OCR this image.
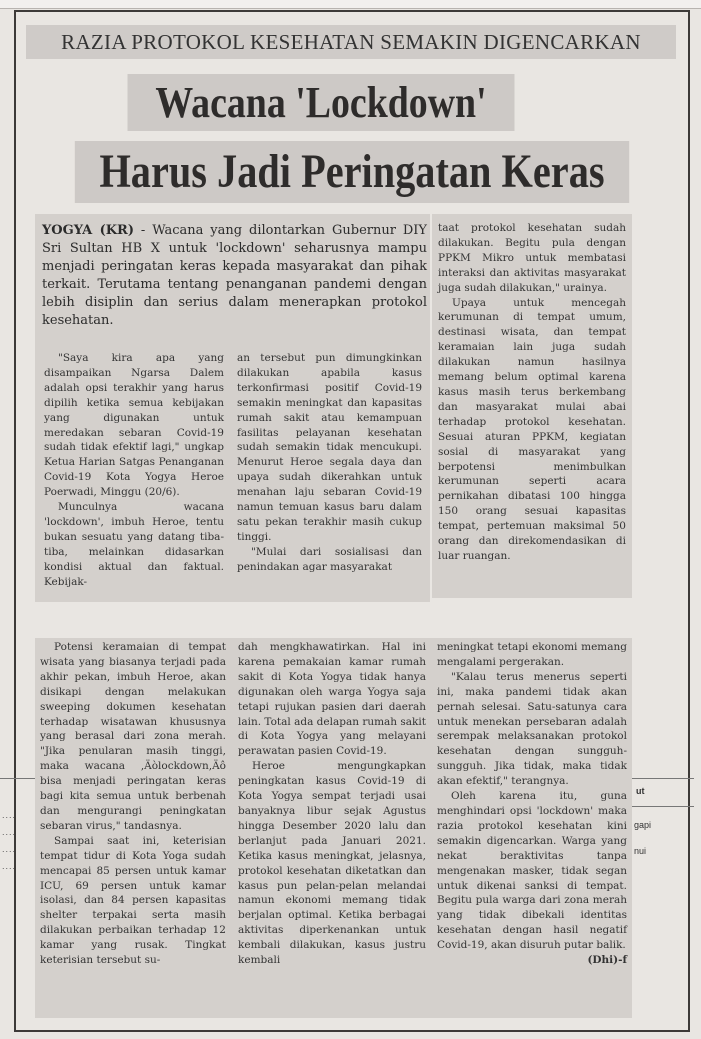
RAZIA PROTOKOL KESEHATAN SEMAKIN DIGENCARKAN
Wacana 'Lockdown'
Harus Jadi Peringatan Keras
YOGYA (KR) - Wacana yang dilontarkan Gubernur DIY Sri Sultan HB X untuk 'lockdown' seharusnya mampu menjadi peringatan keras kepada masyarakat dan pihak terkait. Terutama tentang penanganan pandemi dengan lebih disiplin dan serius dalam menerapkan protokol kesehatan.

"Saya kira apa yang disampaikan Ngarsa Dalem adalah opsi terakhir yang harus dipilih ketika semua kebijakan yang digunakan untuk meredakan sebaran Covid-19 sudah tidak efektif lagi," ungkap Ketua Harian Satgas Penanganan Covid-19 Kota Yogya Heroe Poerwadi, Minggu (20/6).

Munculnya wacana 'lockdown', imbuh Heroe, tentu bukan sesuatu yang datang tiba-tiba, melainkan didasarkan kondisi aktual dan faktual. Kebijak-

an tersebut pun dimungkinkan dilakukan apabila kasus terkonfirmasi positif Covid-19 semakin meningkat dan kapasitas rumah sakit atau kemampuan fasilitas pelayanan kesehatan sudah semakin tidak mencukupi. Menurut Heroe segala daya dan upaya sudah dikerahkan untuk menahan laju sebaran Covid-19 namun temuan kasus baru dalam satu pekan terakhir masih cukup tinggi.

"Mulai dari sosialisasi dan penindakan agar masyarakat

taat protokol kesehatan sudah dilakukan. Begitu pula dengan PPKM Mikro untuk membatasi interaksi dan aktivitas masyarakat juga sudah dilakukan," urainya.

Upaya untuk mencegah kerumunan di tempat umum, destinasi wisata, dan tempat keramaian lain juga sudah dilakukan namun hasilnya memang belum optimal karena kasus masih terus berkembang dan masyarakat mulai abai terhadap protokol kesehatan. Sesuai aturan PPKM, kegiatan sosial di masyarakat yang berpotensi menimbulkan kerumunan seperti acara pernikahan dibatasi 100 hingga 150 orang sesuai kapasitas tempat, pertemuan maksimal 50 orang dan direkomendasikan di luar ruangan.

Potensi keramaian di tempat wisata yang biasanya terjadi pada akhir pekan, imbuh Heroe, akan disikapi dengan melakukan sweeping dokumen kesehatan terhadap wisatawan khususnya yang berasal dari zona merah. "Jika penularan masih tinggi, maka wacana ‚Äòlockdown,Äô bisa menjadi peringatan keras bagi kita semua untuk berbenah dan mengurangi peningkatan sebaran virus," tandasnya.

Sampai saat ini, keterisian tempat tidur di Kota Yoga sudah mencapai 85 persen untuk kamar ICU, 69 persen untuk kamar isolasi, dan 84 persen kapasitas shelter terpakai serta masih dilakukan perbaikan terhadap 12 kamar yang rusak. Tingkat keterisian tersebut su-

dah mengkhawatirkan. Hal ini karena pemakaian kamar rumah sakit di Kota Yogya tidak hanya digunakan oleh warga Yogya saja tetapi rujukan pasien dari daerah lain. Total ada delapan rumah sakit di Kota Yogya yang melayani perawatan pasien Covid-19.

Heroe mengungkapkan peningkatan kasus Covid-19 di Kota Yogya sempat terjadi usai banyaknya libur sejak Agustus hingga Desember 2020 lalu dan berlanjut pada Januari 2021. Ketika kasus meningkat, jelasnya, protokol kesehatan diketatkan dan kasus pun pelan-pelan melandai namun ekonomi memang tidak berjalan optimal. Ketika berbagai aktivitas diperkenankan untuk kembali dilakukan, kasus justru kembali

meningkat tetapi ekonomi memang mengalami pergerakan.

"Kalau terus menerus seperti ini, maka pandemi tidak akan pernah selesai. Satu-satunya cara untuk menekan persebaran adalah serempak melaksanakan protokol kesehatan dengan sungguh-sungguh. Jika tidak, maka tidak akan efektif," terangnya.

Oleh karena itu, guna menghindari opsi 'lockdown' maka razia protokol kesehatan kini semakin digencarkan. Warga yang nekat beraktivitas tanpa mengenakan masker, tidak segan untuk dikenai sanksi di tempat. Begitu pula warga dari zona merah yang tidak dibekali identitas kesehatan dengan hasil negatif Covid-19, akan disuruh putar balik.

(Dhi)-f
ut
gapi
nui
....
....
....
....
